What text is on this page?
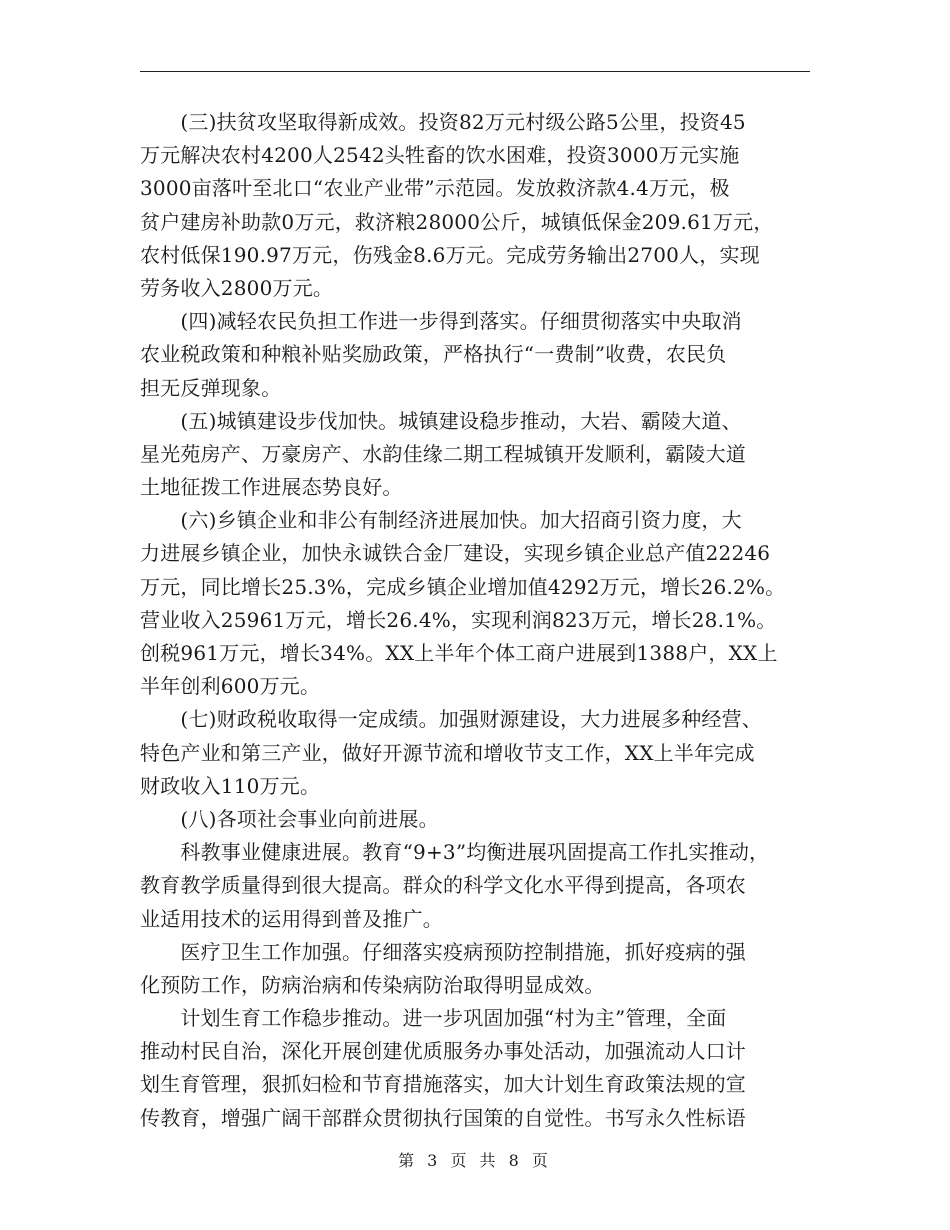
　　(三)扶贫攻坚取得新成效。投资82万元村级公路5公里，投资45
万元解决农村4200人2542头牲畜的饮水困难，投资3000万元实施
3000亩落叶至北口“农业产业带”示范园。发放救济款4.4万元，极
贫户建房补助款0万元，救济粮28000公斤，城镇低保金209.61万元，
农村低保190.97万元，伤残金8.6万元。完成劳务输出2700人，实现
劳务收入2800万元。
　　(四)减轻农民负担工作进一步得到落实。仔细贯彻落实中央取消
农业税政策和种粮补贴奖励政策，严格执行“一费制”收费，农民负
担无反弹现象。
　　(五)城镇建设步伐加快。城镇建设稳步推动，大岩、霸陵大道、
星光苑房产、万豪房产、水韵佳缘二期工程城镇开发顺利，霸陵大道
土地征拨工作进展态势良好。
　　(六)乡镇企业和非公有制经济进展加快。加大招商引资力度，大
力进展乡镇企业，加快永诚铁合金厂建设，实现乡镇企业总产值22246
万元，同比增长25.3%，完成乡镇企业增加值4292万元，增长26.2%。
营业收入25961万元，增长26.4%，实现利润823万元，增长28.1%。
创税961万元，增长34%。XX上半年个体工商户进展到1388户，XX上
半年创利600万元。
　　(七)财政税收取得一定成绩。加强财源建设，大力进展多种经营、
特色产业和第三产业，做好开源节流和增收节支工作，XX上半年完成
财政收入110万元。
　　(八)各项社会事业向前进展。
　　科教事业健康进展。教育“9+3”均衡进展巩固提高工作扎实推动，
教育教学质量得到很大提高。群众的科学文化水平得到提高，各项农
业适用技术的运用得到普及推广。
　　医疗卫生工作加强。仔细落实疫病预防控制措施，抓好疫病的强
化预防工作，防病治病和传染病防治取得明显成效。
　　计划生育工作稳步推动。进一步巩固加强“村为主”管理，全面
推动村民自治，深化开展创建优质服务办事处活动，加强流动人口计
划生育管理，狠抓妇检和节育措施落实，加大计划生育政策法规的宣
传教育，增强广阔干部群众贯彻执行国策的自觉性。书写永久性标语
第 3 页 共 8 页
